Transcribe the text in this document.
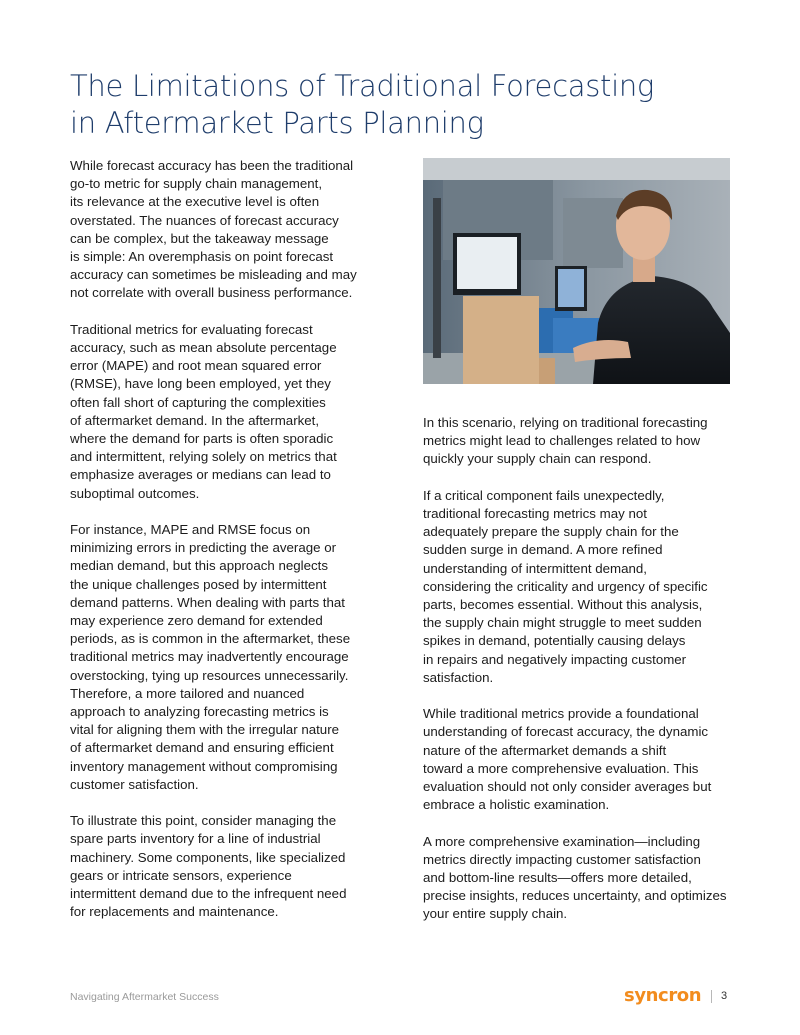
The Limitations of Traditional Forecasting
in Aftermarket Parts Planning

While forecast accuracy has been the traditional
go-to metric for supply chain management,
its relevance at the executive level is often
overstated. The nuances of forecast accuracy
can be complex, but the takeaway message
is simple: An overemphasis on point forecast
accuracy can sometimes be misleading and may
not correlate with overall business performance.

Traditional metrics for evaluating forecast
accuracy, such as mean absolute percentage
error (MAPE) and root mean squared error
(RMSE), have long been employed, yet they
often fall short of capturing the complexities
of aftermarket demand. In the aftermarket,
where the demand for parts is often sporadic
and intermittent, relying solely on metrics that
emphasize averages or medians can lead to
suboptimal outcomes.

For instance, MAPE and RMSE focus on
minimizing errors in predicting the average or
median demand, but this approach neglects
the unique challenges posed by intermittent
demand patterns. When dealing with parts that
may experience zero demand for extended
periods, as is common in the aftermarket, these
traditional metrics may inadvertently encourage
overstocking, tying up resources unnecessarily.
Therefore, a more tailored and nuanced
approach to analyzing forecasting metrics is
vital for aligning them with the irregular nature
of aftermarket demand and ensuring efficient
inventory management without compromising
customer satisfaction.

To illustrate this point, consider managing the
spare parts inventory for a line of industrial
machinery. Some components, like specialized
gears or intricate sensors, experience
intermittent demand due to the infrequent need
for replacements and maintenance.

In this scenario, relying on traditional forecasting
metrics might lead to challenges related to how
quickly your supply chain can respond.

If a critical component fails unexpectedly,
traditional forecasting metrics may not
adequately prepare the supply chain for the
sudden surge in demand. A more refined
understanding of intermittent demand,
considering the criticality and urgency of specific
parts, becomes essential. Without this analysis,
the supply chain might struggle to meet sudden
spikes in demand, potentially causing delays
in repairs and negatively impacting customer
satisfaction.

While traditional metrics provide a foundational
understanding of forecast accuracy, the dynamic
nature of the aftermarket demands a shift
toward a more comprehensive evaluation. This
evaluation should not only consider averages but
embrace a holistic examination.

A more comprehensive examination—including
metrics directly impacting customer satisfaction
and bottom-line results—offers more detailed,
precise insights, reduces uncertainty, and optimizes
your entire supply chain.

Navigating Aftermarket Success	syncron 3
